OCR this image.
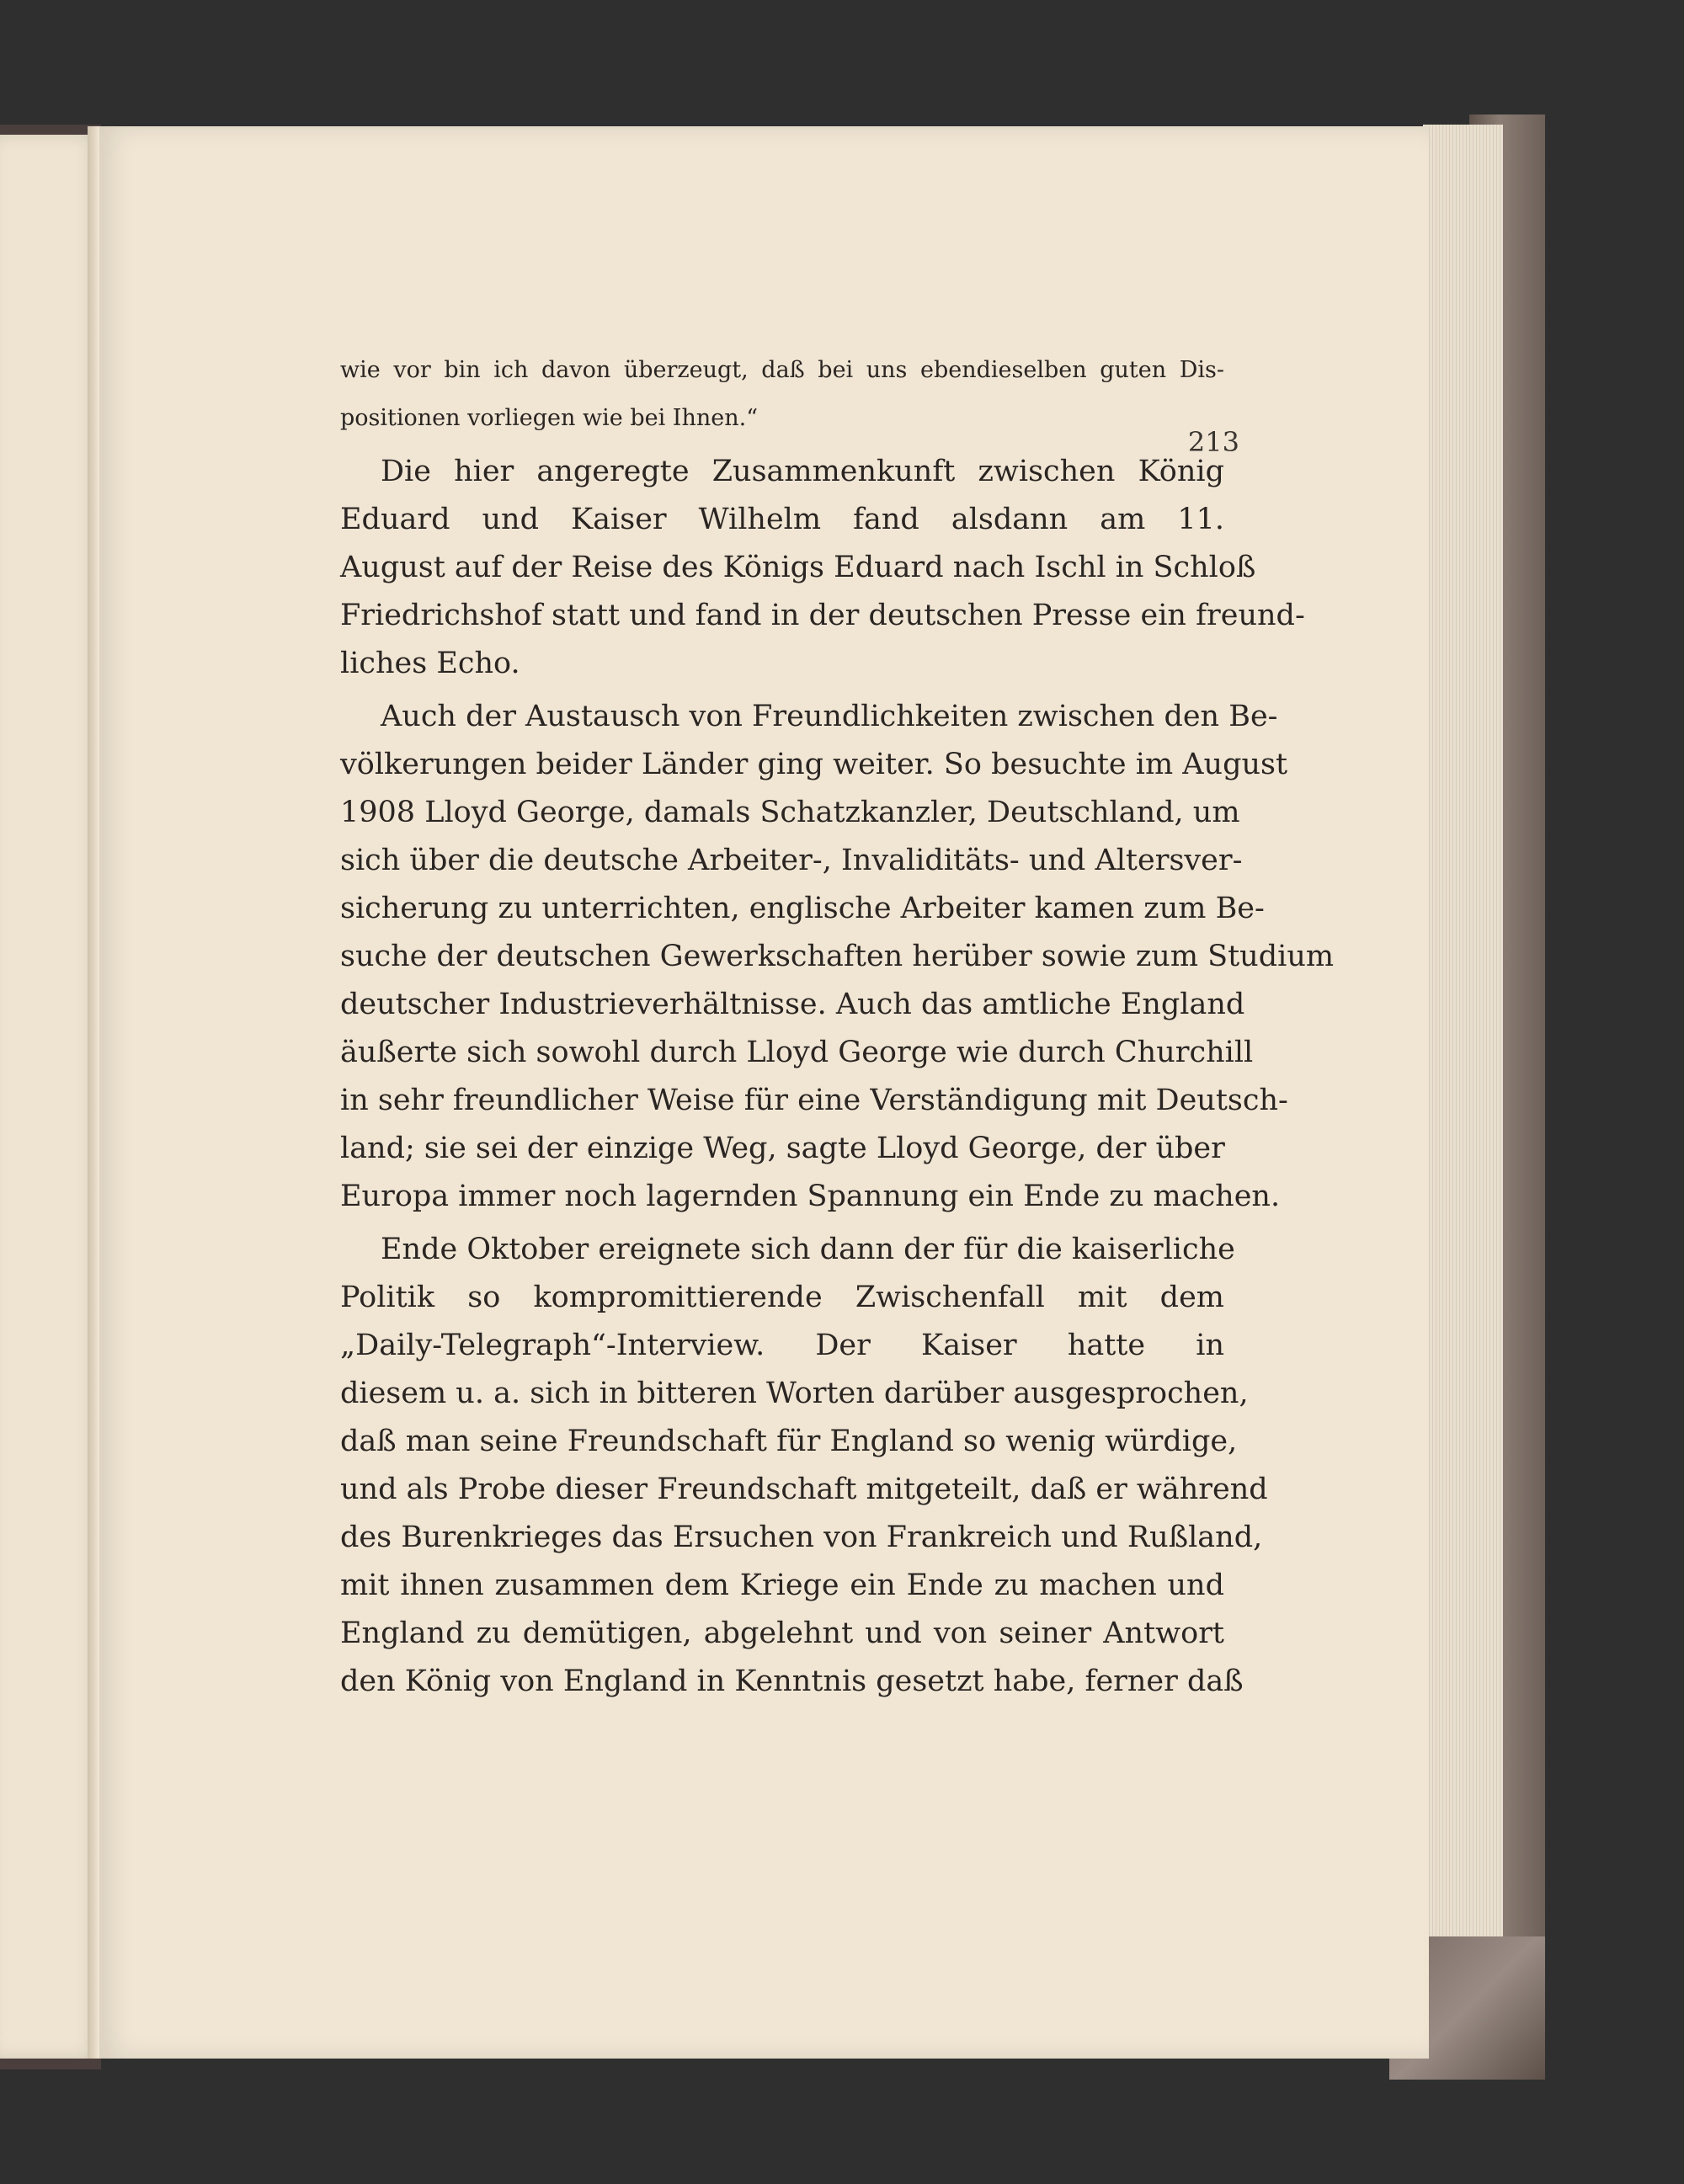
213
wie vor bin ich davon überzeugt, daß bei uns ebendieselben guten Dis-
positionen vorliegen wie bei Ihnen.“
Die hier angeregte Zusammenkunft zwischen König
Eduard und Kaiser Wilhelm fand alsdann am 11.
August auf der Reise des Königs Eduard nach Ischl in Schloß
Friedrichshof statt und fand in der deutschen Presse ein freund-
liches Echo.
Auch der Austausch von Freundlichkeiten zwischen den Be-
völkerungen beider Länder ging weiter. So besuchte im August
1908 Lloyd George, damals Schatzkanzler, Deutschland, um
sich über die deutsche Arbeiter-, Invaliditäts- und Altersver-
sicherung zu unterrichten, englische Arbeiter kamen zum Be-
suche der deutschen Gewerkschaften herüber sowie zum Studium
deutscher Industrieverhältnisse. Auch das amtliche England
äußerte sich sowohl durch Lloyd George wie durch Churchill
in sehr freundlicher Weise für eine Verständigung mit Deutsch-
land; sie sei der einzige Weg, sagte Lloyd George, der über
Europa immer noch lagernden Spannung ein Ende zu machen.
Ende Oktober ereignete sich dann der für die kaiserliche
Politik so kompromittierende Zwischenfall mit dem
„Daily-Telegraph“-Interview. Der Kaiser hatte in
diesem u. a. sich in bitteren Worten darüber ausgesprochen,
daß man seine Freundschaft für England so wenig würdige,
und als Probe dieser Freundschaft mitgeteilt, daß er während
des Burenkrieges das Ersuchen von Frankreich und Rußland,
mit ihnen zusammen dem Kriege ein Ende zu machen und
England zu demütigen, abgelehnt und von seiner Antwort
den König von England in Kenntnis gesetzt habe, ferner daß
